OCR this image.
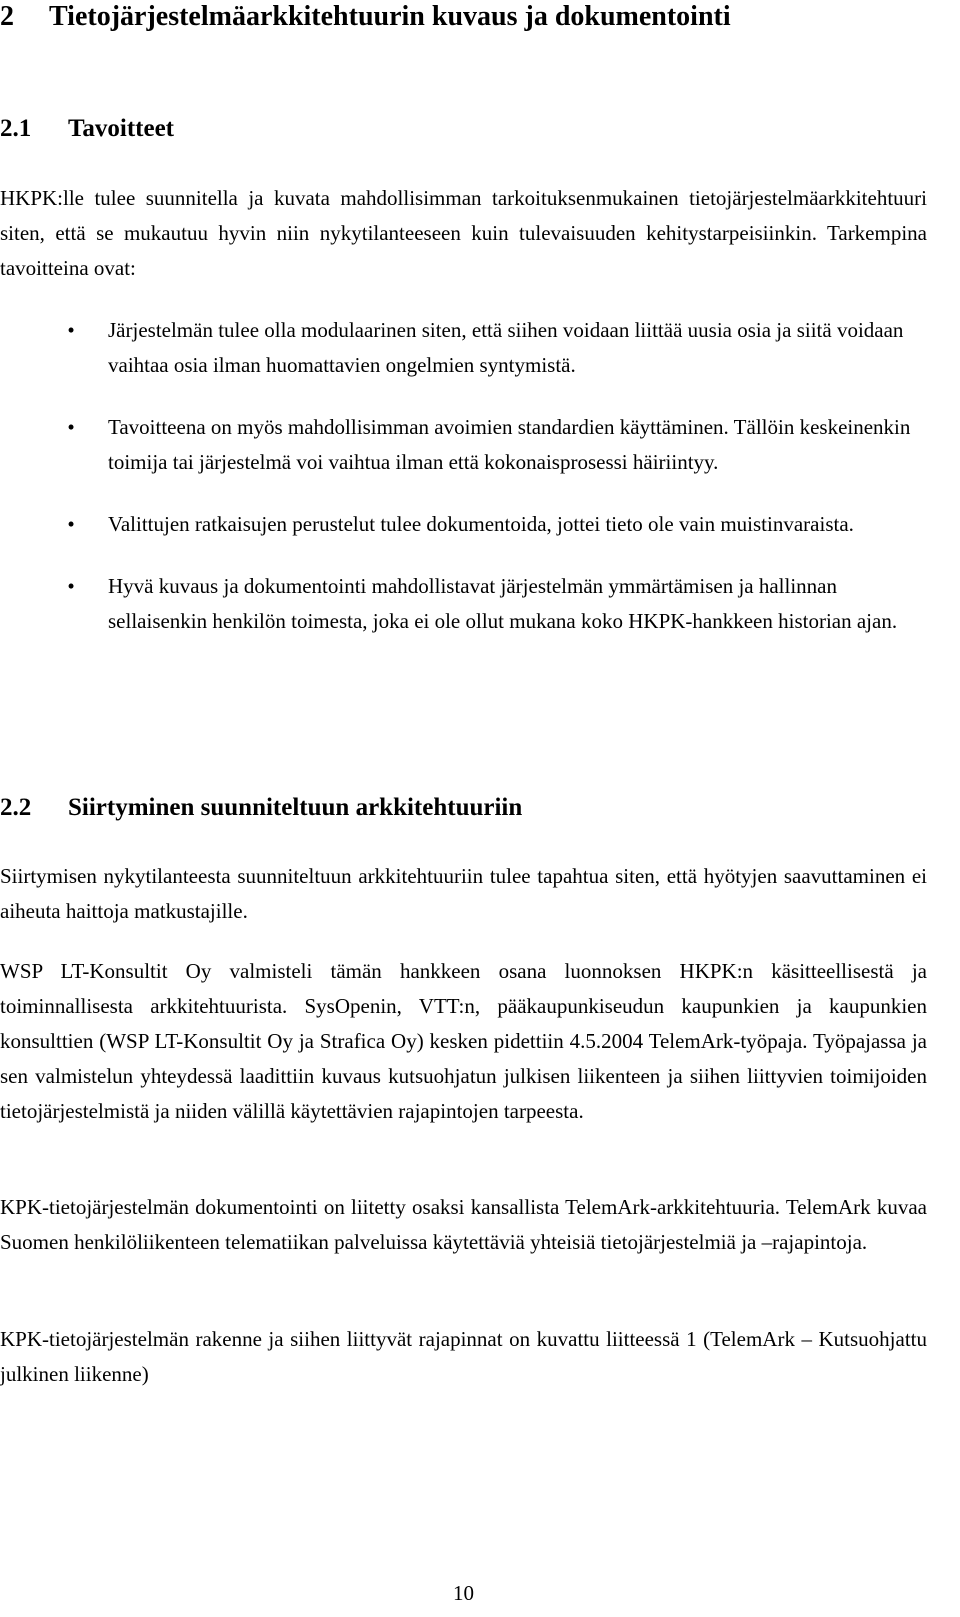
2 Tietojärjestelmäarkkitehtuurin kuvaus ja dokumentointi
2.1 Tavoitteet

HKPK:lle tulee suunnitella ja kuvata mahdollisimman tarkoituksenmukainen tietojärjestelmäarkkitehtuuri siten, että se mukautuu hyvin niin nykytilanteeseen kuin tulevaisuuden kehitystarpeisiinkin. Tarkempina tavoitteina ovat:

•	Järjestelmän tulee olla modulaarinen siten, että siihen voidaan liittää uusia osia ja siitä voidaan vaihtaa osia ilman huomattavien ongelmien syntymistä.
•	Tavoitteena on myös mahdollisimman avoimien standardien käyttäminen. Tällöin keskeinenkin toimija tai järjestelmä voi vaihtua ilman että kokonaisprosessi häiriintyy.
•	Valittujen ratkaisujen perustelut tulee dokumentoida, jottei tieto ole vain muistinvaraista.
•	Hyvä kuvaus ja dokumentointi mahdollistavat järjestelmän ymmärtämisen ja hallinnan sellaisenkin henkilön toimesta, joka ei ole ollut mukana koko HKPK-hankkeen historian ajan.
2.2 Siirtyminen suunniteltuun arkkitehtuuriin

Siirtymisen nykytilanteesta suunniteltuun arkkitehtuuriin tulee tapahtua siten, että hyötyjen saavuttaminen ei aiheuta haittoja matkustajille.

WSP LT-Konsultit Oy valmisteli tämän hankkeen osana luonnoksen HKPK:n käsitteellisestä ja toiminnallisesta arkkitehtuurista. SysOpenin, VTT:n, pääkaupunkiseudun kaupunkien ja kaupunkien konsulttien (WSP LT-Konsultit Oy ja Strafica Oy) kesken pidettiin 4.5.2004 TelemArk-työpaja. Työpajassa ja sen valmistelun yhteydessä laadittiin kuvaus kutsuohjatun julkisen liikenteen ja siihen liittyvien toimijoiden tietojärjestelmistä ja niiden välillä käytettävien rajapintojen tarpeesta.

KPK-tietojärjestelmän dokumentointi on liitetty osaksi kansallista TelemArk-arkkitehtuuria. TelemArk kuvaa Suomen henkilöliikenteen telematiikan palveluissa käytettäviä yhteisiä tietojärjestelmiä ja –rajapintoja.

KPK-tietojärjestelmän rakenne ja siihen liittyvät rajapinnat on kuvattu liitteessä 1 (TelemArk – Kutsuohjattu julkinen liikenne)

10
